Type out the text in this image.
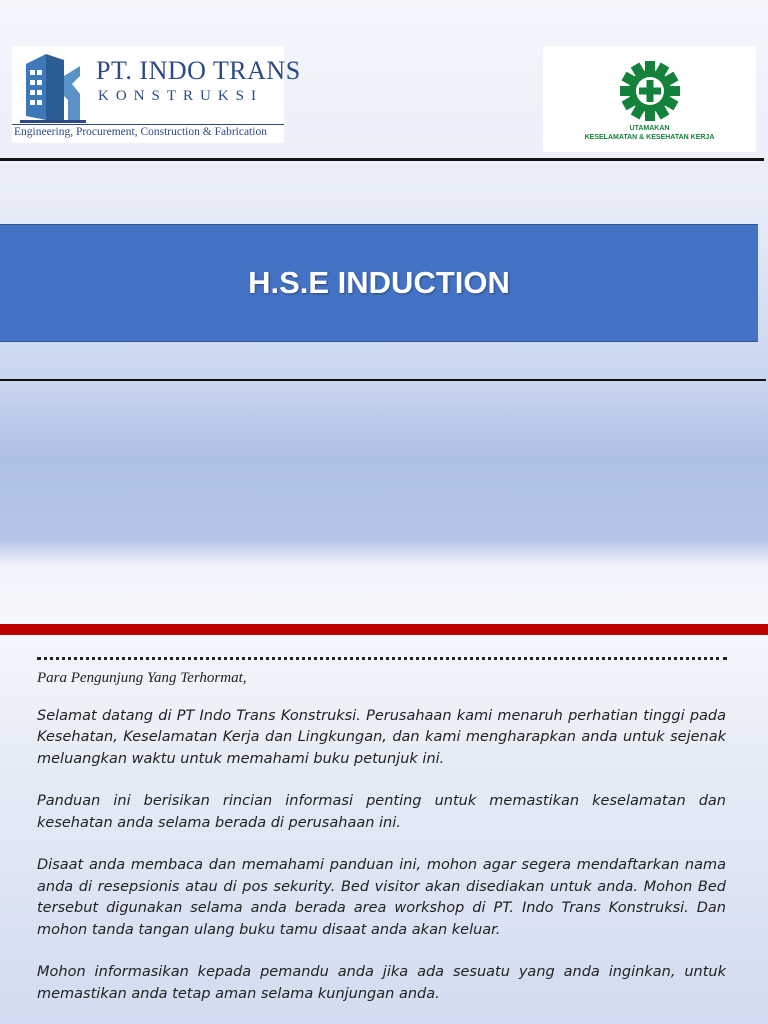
PT. INDO TRANS
KONSTRUKSI
Engineering, Procurement, Construction & Fabrication	UTAMAKAN
KESELAMATAN & KESEHATAN KERJA
H.S.E INDUCTION

Para Pengunjung Yang Terhormat,

Selamat datang di PT Indo Trans Konstruksi. Perusahaan kami menaruh perhatian tinggi pada Kesehatan, Keselamatan Kerja dan Lingkungan, dan kami mengharapkan anda untuk sejenak meluangkan waktu untuk memahami buku petunjuk ini.

Panduan ini berisikan rincian informasi penting untuk memastikan keselamatan dan kesehatan anda selama berada di perusahaan ini.

Disaat anda membaca dan memahami panduan ini, mohon agar segera mendaftarkan nama anda di resepsionis atau di pos sekurity. Bed visitor akan disediakan untuk anda. Mohon Bed tersebut digunakan selama anda berada area workshop di PT. Indo Trans Konstruksi. Dan mohon tanda tangan ulang buku tamu disaat anda akan keluar.

Mohon informasikan kepada pemandu anda jika ada sesuatu yang anda inginkan, untuk memastikan anda tetap aman selama kunjungan anda.
